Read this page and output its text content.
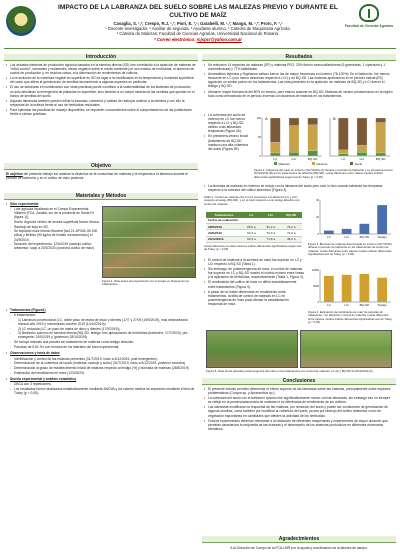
IMPACTO DE LA LABRANZA DEL SUELO SOBRE LAS MALEZAS PREVIO Y DURANTE EL
CULTIVO DE MAÍZ
Cavaglia, S. ¹,²; Crespo, R.J. ¹,²; Piori, E. ²,³; Garabelli, M. ¹,²; Mango, M. ¹,²; Prorc, F. ²,³
¹ Docente-investigador. ² Auxiliar de segunda. ³ Ayudante alumno. ¹ Cátedra de Maquinaria Agrícola.
² Cátedra de Malezas; Facultad de Ciencias Agrarias, Universidad Nacional de Rosario.
* Correo electrónico: rcjspcr@yahoo.com.ar
Facultad de Ciencias Agrarias
Introducción
• Los actuales sistemas de producción agrícola basados en la siembra directa (SD) han contribuido a la aparición de malezas de "difícil control", tolerantes y resistentes, efecto negativo sobre el medio ambiente por uso masivo de herbicidas, el aumento de costos de producción y, en muchos casos, a la disminución de rendimientos de cultivos.
• La re-inclusión de la cobertura vegetal en superficie en SD da lugar a la modificación en la temperatura y humedad superficial del suelo que altera la germinación de semillas favoreciendo a algunas especies en particular.
• El uso de labranzas en combinación con otras prácticas puede contribuir a la sustentabilidad de los sistemas de producción, no solo afectando la emergencia de plántulas en superficie, sino también a un mayor medida de las semillas que quedan en el banco de semillas del suelo.
• Algunas labranzas también pueden influir la biomasa, cobertura y calidad de rastrojos anterior a la siembra y con ello la respuesta de la maleza frente al uso de herbicidas residuales.
• Para optimizar las prácticas de manejo disponibles, se requieren conocimientos sobre el comportamiento de las poblaciones frente a ciertas prácticas.
Objetivo

El objetivo del presente trabajo fue analizar la dinámica de la comunidad de malezas y la respuesta a la labranza durante el periodo de barbecho y en el cultivo de maíz posterior.

Materiales y Métodos
• Sitio experimental
◦ Lote agrícola localizado en el Campo Experimental Villarino (FCA, Zavalla, sur de la provincia de Santa Fe (figura 1)).
◦ Suelo: Argiudol vértico de textura superficial franco limosa.
◦ Rastrojo de soja en SD.
◦ Se implantó maíz híbrido Biowest (lwd 21-AP045, 80.000 pl/ha) y fertilizó (90 kg/ha de fosfato monoamónico) el 24/9/2019.
◦ Duración del experimento: 12/6/2019 (rastrojo cultivo antecesor, soja) a 20/3/2020 (cosecha cultivo de maíz).
Figura 1. Vista aérea del experimento con el arreglo en bloques de los tratamientos.
• Tratamientos (Figura1)
◦ 6 tratamientos:
◦ 1) Labranza convencional (LC, doble paso de rastra de disco y dientes (17/7 y 27/09 (19/9/2019), más desmalezado manual año 2019 y mecanizado octubre 2019 (14/10/2019)).
◦ 2) LC reducida (LC, un paso de rastra de disco y dientes (17/9/2019)).
◦ 3) Barbecho químico en siembra directa (BQ-SD, testigo: tres aplicaciones de herbicidas (barbecho: 17/7/2019), pre-emergente: 24/9/2019 y (posterior) 28/10/2019).
◦ Se incluyó además una parcela sin tratamiento de malezas como testigo absoluto.
◦ Parcelas de 5,5x 7m con bordura en los laterales del área experimental.
• Observaciones y toma de datos
◦ Identificación y conteo de las malezas presentes (31/7/2019, inicio a 6/12/2019, post emergentes).
◦ Determinación de la cobertura del suelo (malezas, rastrojo y suelo) (31/7/2019, inicio a 6/12/2019, posterior cosecha).
◦ Determinación al grado de establecimiento inicial de malezas respecto al testigo (%) y biomasa de malezas (28/8/2019).
◦ Estimación del rendimiento en maíz (12/3/2020).
• Diseño experimental y análisis estadístico
◦ DBCA con 3 repeticiones.
◦ Los resultados fueron analizados estadísticamente mediante ANOVA y los valores medios se separaron mediante el test de Tukey (p < 0,05).
Resultados
• Se relevaron 14 especies de malezas (SP) y malezas PEO: 23% fueron monocotiledóneas (9 gramíneas, 1 ciperácea y 1 commelinácea) y 77% latifoliadas.
• Amaranthus hybridus y Raphanus sativus fueron las de mayor frecuencia en invierno (78-100%). En el barbecho, fue menos frecuente en LC (con menor descenso respecto a LCr) y en BQ-SD. Las malezas aparecieron en el período estival (ES) siguiendo un similar patrón en los tratamientos. Las más presentes en la aparición de malezas de BQ-SD y LCr fueron el testigo y BQ-SD.
• Ubicaron mayor frecuencia del 80% en verano, pero estuvo ausente en BQ-SD. Malezas de verano predominaron en la región todo como demostrado en el período invernal con ausencia de malezas en los tratamientos.
• La cobertura del suelo de invierno en LC fue menor respecto a LCr y BQ-SD debido a las labranzas tempranas (Figura 2A).
• En primavera-verano inicial (tratamiento de BQ-SD mantuvo una alta cobertura del suelo (Figura 2B).
A
LC	LCr	BQ-SD
0
50
100	B
LC	LCr	BQ-SD
Malezas	Rastrojo	Suelo
Figura 2. Cobertura del suelo en invierno (31/7/2019) (A) durante el período de barbecho y en primavera-verano (6/12/2019) (B) en los tratamientos de labranza (BQ-SD). Letras diferentes entre valores medios indican diferencias significativas según test de Tukey (p < 0,05).
• La biomasa de malezas en invierno se redujo con la labranza del suelo pero solo lo hizo cuando labranza fue temprana respecto a la cosecha del cultivo antecesor (Figura 3).
Tabla 1. Control de malezas (%) en tres momentos con labranza (LC y LCr) respecto al testigo (BQ-SD), y en el maíz respecto a uno testigo absoluto con control de malezas.
Tratamientos	LC	LCr	BQ-SD
Fecha de evaluación			
28/8/2019	89,5 a	92,2 a	79,2 b
24/9/2019	53,3 a	70,9 a	74,9 a
20/12/2019	69,3 a	71,8 a	48,2 b
Letras diferentes en cada columna indican diferencias significativas según test de Tukey (p < 0,05).
LC	LCr	BQ-SD	Testigo
0
20
40
Figura 3. Biomasa de malezas determinada en invierno (31/7/2019) durante el período de barbecho en los tratamientos de control de malezas. Letras diferentes entre valores medios indican diferencias significativas test de Tukey (p < 0,05).
• El control de malezas a la siembra de maíz fue superior en LC y LCr respecto a BQ-SD (Tabla 1).
• Sin embargo, en postemergencia de maíz, el control de malezas fue superior en LC y BQ-SD mostró el control mínimo entre lineas y la aplicación de herbicidas, respectivamente (Tabla 1, Figura 3).
• El rendimiento del cultivo de maíz no difirió estadísticamente entre tratamientos (Figura 4).
• A pesar de no haber diferencias en rendimiento entre tratamientos, la falta de control de malezas en LC en postemergencia de maíz pudo afectar la variabilidad en respuesta de maíz.	LC	LCr	BQ-SD	Testigo
0
6000
12000
Figura 4. Estimación de rendimiento de maíz de parcelas sin tratamiento, con labranza y control de malezas. Letras diferentes entre valores medios indican diferencias significativas test de Tukey (p < 0,05).
Figura 5. Vista de las parcelas postemergencia del maíz en los tratamientos con control de malezas. LC (a) y BQ-SD al 20/12/2019 (b).
Conclusiones
• El presente estudio permitió determinar el efecto superior de las labranzas sobre las malezas, principalmente sobre especies problemáticas (Conyza sp. y Amaranthus sp.).
• La cobertura del suelo con el barbecho químico fue significativamente menor con las labranzas, sin embargo eso no siempre se reflejó en la presencia/ausencia de malezas ni en diferencias de rendimiento de los cultivos.
• Las labranzas modificaron la respuesta de las malezas, por remoción del suelo y puede ser condiciones de germinación de algunas semillas, como también por modificar la cobertura del suelo, ya sea por rastrojo del cultivo antecesor como de vegetación espontánea en cantidades que afecten la actividad de los herbicidas.
• Futuros experimentos deberían orientarse a la utilización de diferentes maquinarias y experimentos de mayor duración que permitan caracterizar la respuesta de las malezas y el desempeño de los sistemas productivos en diferentes escenarios climáticos.
Agradecimientos
A la Dirección de Campo de la FCA-UNR por la ayuda y coordinación de la labores de campo.
